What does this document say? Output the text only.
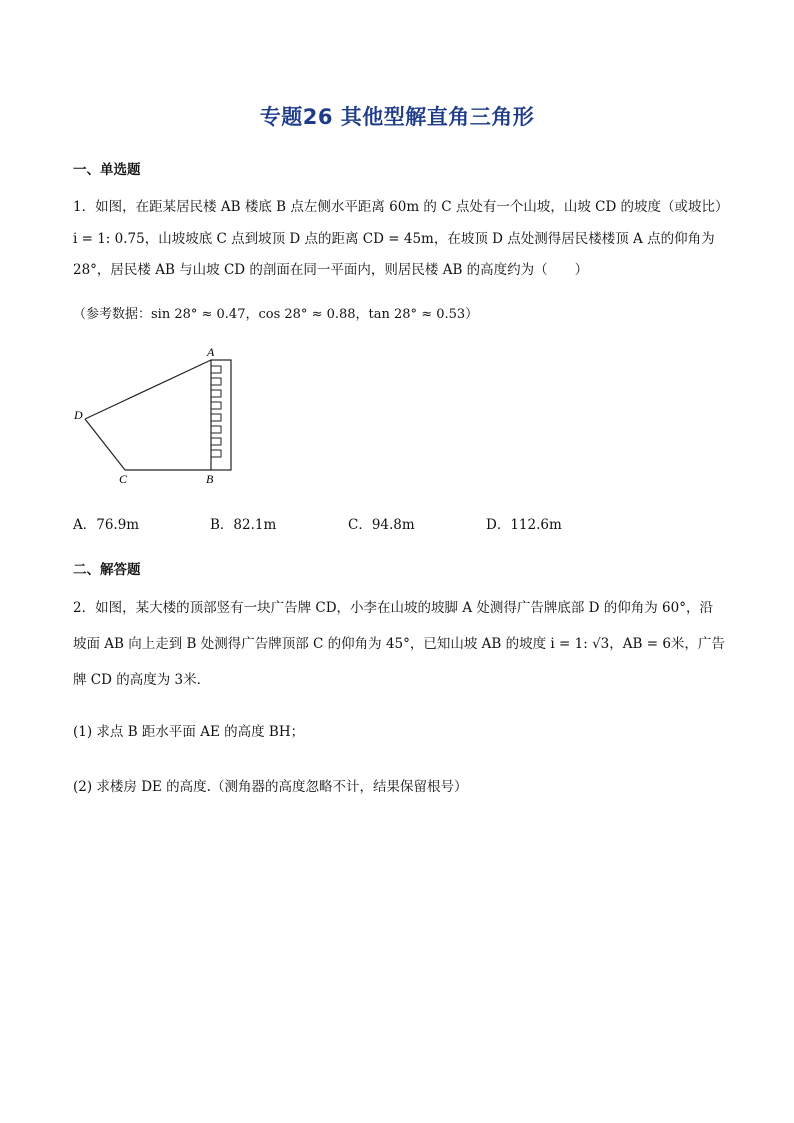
专题26 其他型解直角三角形
一、单选题
1．如图，在距某居民楼 AB 楼底 B 点左侧水平距离 60m 的 C 点处有一个山坡，山坡 CD 的坡度（或坡比）
i = 1: 0.75，山坡坡底 C 点到坡顶 D 点的距离 CD = 45m，在坡顶 D 点处测得居民楼楼顶 A 点的仰角为
28°，居民楼 AB 与山坡 CD 的剖面在同一平面内，则居民楼 AB 的高度约为（　　）
（参考数据：sin 28° ≈ 0.47，cos 28° ≈ 0.88，tan 28° ≈ 0.53）
A
D
C	B
A．76.9m	B．82.1m	C．94.8m	D．112.6m
二、解答题
2．如图，某大楼的顶部竖有一块广告牌 CD，小李在山坡的坡脚 A 处测得广告牌底部 D 的仰角为 60°，沿
坡面 AB 向上走到 B 处测得广告牌顶部 C 的仰角为 45°，已知山坡 AB 的坡度 i = 1: √3，AB = 6米，广告
牌 CD 的高度为 3米．
(1) 求点 B 距水平面 AE 的高度 BH；
(2) 求楼房 DE 的高度.（测角器的高度忽略不计，结果保留根号）
